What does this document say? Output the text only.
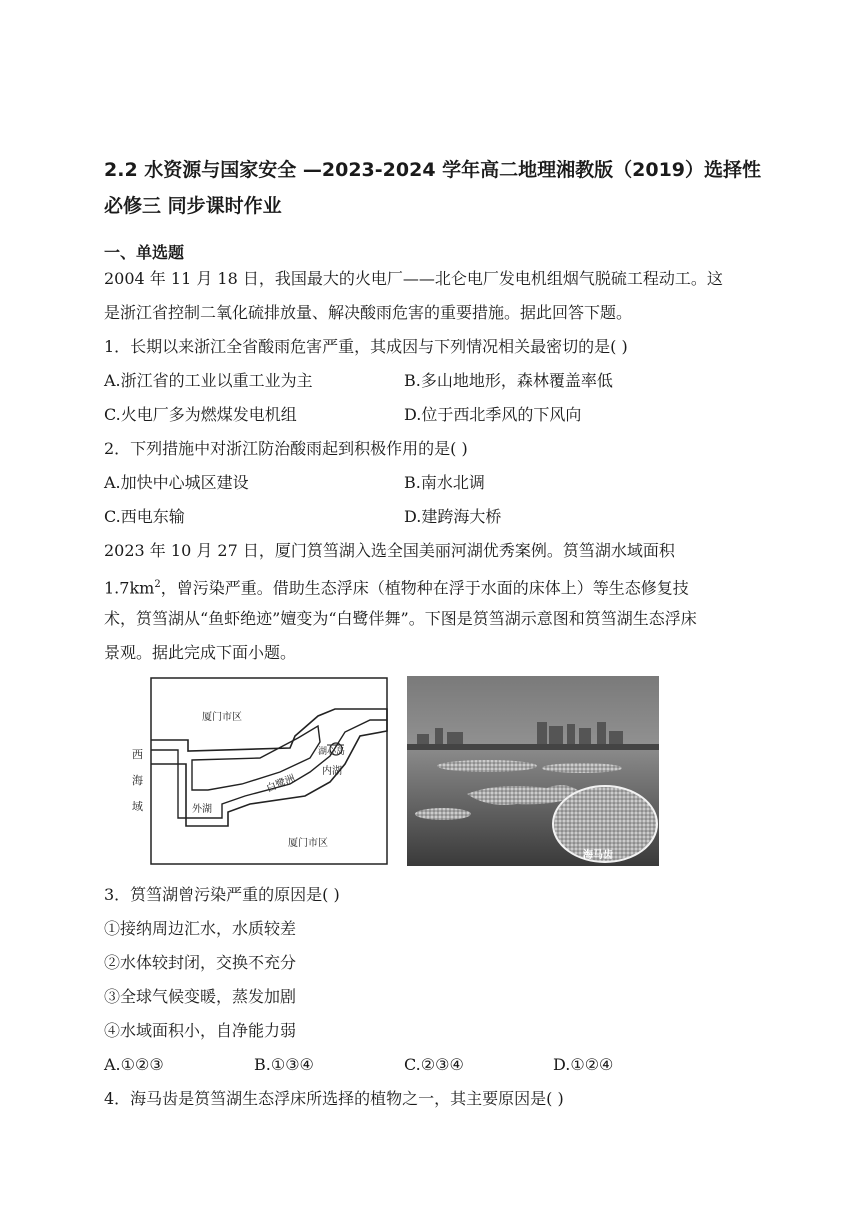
2.2 水资源与国家安全 —2023-2024 学年高二地理湘教版（2019）选择性必修三 同步课时作业
一、单选题
2004 年 11 月 18 日，我国最大的火电厂——北仑电厂发电机组烟气脱硫工程动工。这
是浙江省控制二氧化硫排放量、解决酸雨危害的重要措施。据此回答下题。
1．长期以来浙江全省酸雨危害严重，其成因与下列情况相关最密切的是( )
A.浙江省的工业以重工业为主	B.多山地地形，森林覆盖率低
C.火电厂多为燃煤发电机组	D.位于西北季风的下风向
2．下列措施中对浙江防治酸雨起到积极作用的是( )
A.加快中心城区建设	B.南水北调
C.西电东输	D.建跨海大桥
2023 年 10 月 27 日，厦门筼筜湖入选全国美丽河湖优秀案例。筼筜湖水域面积
$1.7km^2$，曾污染严重。借助生态浮床（植物种在浮于水面的床体上）等生态修复技
术，筼筜湖从“鱼虾绝迹”嬗变为“白鹭伴舞”。下图是筼筜湖示意图和筼筜湖生态浮床
景观。据此完成下面小题。
厦门市区
厦门市区
西
海
域	外湖
内湖
白鹭洲
湖心岛
海马齿
3．筼筜湖曾污染严重的原因是( )
①接纳周边汇水，水质较差
②水体较封闭，交换不充分
③全球气候变暖，蒸发加剧
④水域面积小，自净能力弱
A.①②③	B.①③④	C.②③④	D.①②④
4．海马齿是筼筜湖生态浮床所选择的植物之一，其主要原因是( )
